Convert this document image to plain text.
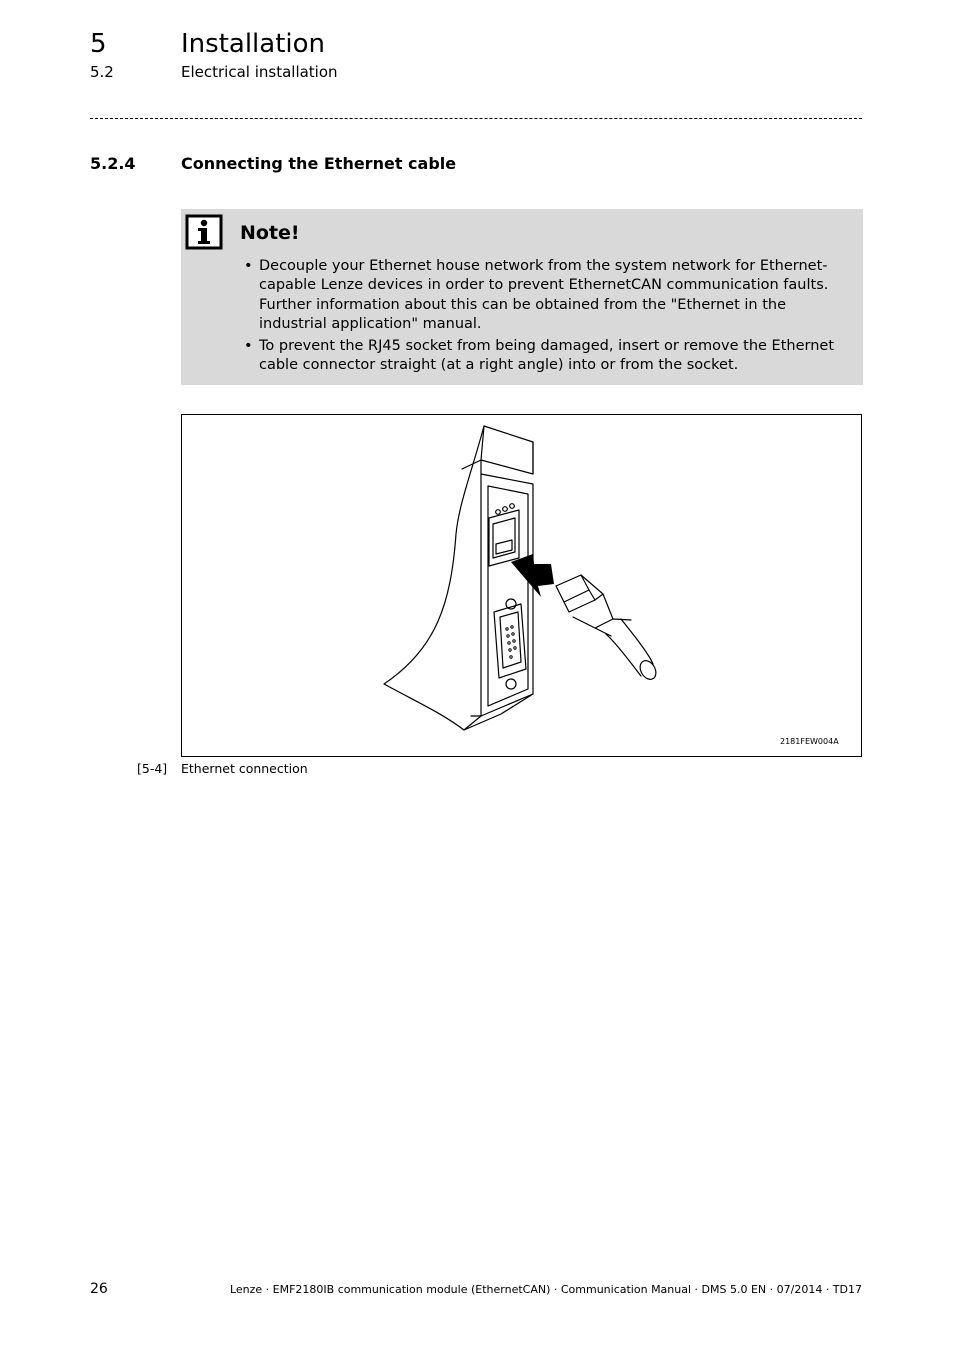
5	Installation
5.2	Electrical installation
5.2.4	Connecting the Ethernet cable
Note!
• Decouple your Ethernet house network from the system network for Ethernet-capable Lenze devices in order to prevent EthernetCAN communication faults. Further information about this can be obtained from the "Ethernet in the industrial application" manual.
• To prevent the RJ45 socket from being damaged, insert or remove the Ethernet cable connector straight (at a right angle) into or from the socket.
2181FEW004A
[5-4] Ethernet connection
26	Lenze · EMF2180IB communication module (EthernetCAN) · Communication Manual · DMS 5.0 EN · 07/2014 · TD17
